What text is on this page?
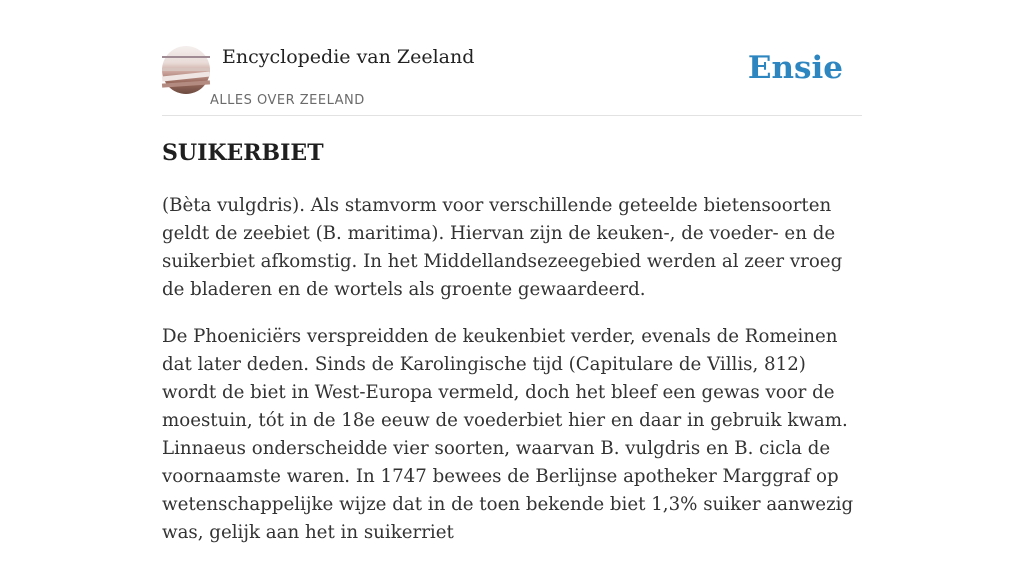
Encyclopedie van Zeeland
ALLES OVER ZEELAND
Ensie
SUIKERBIET

(Bèta vulgdris). Als stamvorm voor verschillende geteelde bietensoorten geldt de zeebiet (B. maritima). Hiervan zijn de keuken-, de voeder- en de suikerbiet afkomstig. In het Middellandsezeegebied werden al zeer vroeg de bladeren en de wortels als groente gewaardeerd.

De Phoeniciërs verspreidden de keukenbiet verder, evenals de Romeinen dat later deden. Sinds de Karolingische tijd (Capitulare de Villis, 812) wordt de biet in West-Europa vermeld, doch het bleef een gewas voor de moestuin, tót in de 18e eeuw de voederbiet hier en daar in gebruik kwam. Linnaeus onderscheidde vier soorten, waarvan B. vulgdris en B. cicla de voornaamste waren. In 1747 bewees de Berlijnse apotheker Marggraf op wetenschappelijke wijze dat in de toen bekende biet 1,3% suiker aanwezig was, gelijk aan het in suikerriet
